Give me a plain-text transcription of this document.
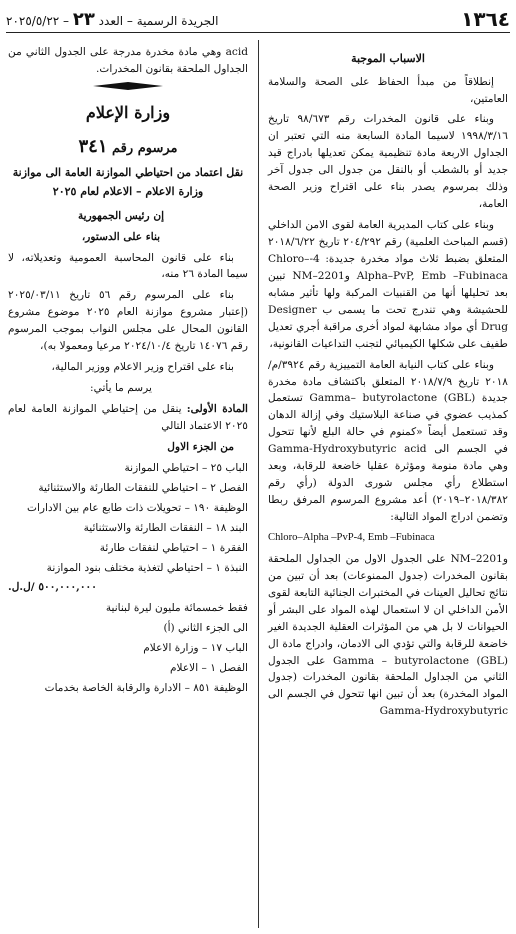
١٣٦٤
الجريدة الرسمية – العدد ٢٣ – ٢٠٢٥/٥/٢٢
الاسباب الموجبة

إنطلاقاً من مبدأ الحفاظ على الصحة والسلامة العامتين،

وبناء على قانون المخدرات رقم ٩٨/٦٧٣ تاريخ ١٩٩٨/٣/١٦ لاسيما المادة السابعة منه التي تعتبر ان الجداول الاربعة مادة تنظيمية يمكن تعديلها بادراج قيد جديد أو بالشطب أو بالنقل من جدول الى جدول آخر وذلك بمرسوم يصدر بناء على اقتراح وزير الصحة العامة،

وبناء على كتاب المديرية العامة لقوى الامن الداخلي (قسم المباحث العلمية) رقم ٢٠٤/٢٩٢ تاريخ ٢٠١٨/٦/٢٢ المتعلق بضبط ثلاث مواد مخدرة جديدة: 4-Chloro–Alpha–PvP, Emb –Fubinaca وNM–2201 تبين بعد تحليلها أنها من القنبيات المركبة ولها تأثير مشابه للحشيشة وهي تندرج تحت ما يسمى ب Designer Drug أي مواد مشابهة لمواد أخرى مراقبة أجري تعديل طفيف على شكلها الكيميائي لتجنب التداعيات القانونية،

وبناء على كتاب النيابة العامة التمييزية رقم ٣٩٢٤/م/٢٠١٨ تاريخ ٢٠١٨/٧/٩ المتعلق باكتشاف مادة مخدرة جديدة Gamma– butyrolactone (GBL) تستعمل كمذيب عضوي في صناعة البلاستيك وفي إزالة الدهان وقد تستعمل أيضاً «كمنوم في حالة البلع لأنها تتحول في الجسم الى Gamma-Hydroxybutyric acid وهي مادة منومة ومؤثرة عقليا خاضعة للرقابة، وبعد استطلاع رأي مجلس شورى الدولة (رأي رقم ٢٠١٨/٣٨٢–٢٠١٩) أعد مشروع المرسوم المرفق ربطا وتضمن ادراج المواد التالية:

Chloro–Alpha –PvP-4, Emb –Fubinaca

وNM–2201 على الجدول الاول من الجداول الملحقة بقانون المخدرات (جدول الممنوعات) بعد أن تبين من نتائج تحاليل العينات في المختبرات الجنائية التابعة لقوى الأمن الداخلي ان لا استعمال لهذه المواد على البشر أو الحيوانات لا بل هي من المؤثرات العقلية الجديدة الغير خاضعة للرقابة والتي تؤدي الى الادمان، وادراج مادة ال Gamma – butyrolactone (GBL) على الجدول الثاني من الجداول الملحقة بقانون المخدرات (جدول المواد المخدرة) بعد أن تبين انها تتحول في الجسم الى Gamma-Hydroxybutyric

acid وهي مادة مخدرة مدرجة على الجدول الثاني من الجداول الملحقة بقانون المخدرات.

وزارة الإعلام
مرسوم رقم ٣٤١
نقل اعتماد من احتياطي الموازنة العامة الى موازنة وزارة الاعلام – الاعلام لعام ٢٠٢٥

إن رئيس الجمهورية

بناء على الدستور،

بناء على قانون المحاسبة العمومية وتعديلاته، لا سيما المادة ٢٦ منه،

بناء على المرسوم رقم ٥٦ تاريخ ٢٠٢٥/٠٣/١١ (إعتبار مشروع موازنة العام ٢٠٢٥ موضوع مشروع القانون المحال على مجلس النواب بموجب المرسوم رقم ١٤٠٧٦ تاريخ ٢٠٢٤/١٠/٤ مرعيا ومعمولا به)،

بناء على اقتراح وزير الاعلام ووزير المالية،

يرسم ما يأتي:

المادة الأولى: ينقل من إحتياطي الموازنة العامة لعام ٢٠٢٥ الاعتماد التالي

من الجزء الاول

الباب ٢٥ – احتياطي الموازنة

الفصل ٢ – احتياطي للنفقات الطارئة والاستثنائية

الوظيفة ١٩٠ – تحويلات ذات طابع عام بين الادارات

البند ١٨ – النفقات الطارئة والاستثنائية

الفقرة ١ – احتياطي لنفقات طارئة

النبذة ١ – احتياطي لتغذية مختلف بنود الموازنة

٥٠٠,٠٠٠,٠٠٠ /ل.ل.

فقط خمسمائة مليون ليرة لبنانية

الى الجزء الثاني (أ)

الباب ١٧ – وزارة الاعلام

الفصل ١ – الاعلام

الوظيفة ٨٥١ – الادارة والرقابة الخاصة بخدمات
